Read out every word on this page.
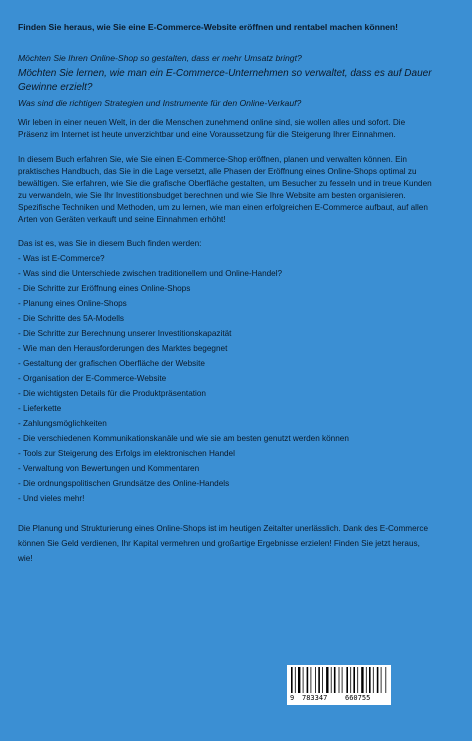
Finden Sie heraus, wie Sie eine E-Commerce-Website eröffnen und rentabel machen können!

Möchten Sie Ihren Online-Shop so gestalten, dass er mehr Umsatz bringt?

Möchten Sie lernen, wie man ein E-Commerce-Unternehmen so verwaltet, dass es auf Dauer Gewinne erzielt?

Was sind die richtigen Strategien und Instrumente für den Online-Verkauf?

Wir leben in einer neuen Welt, in der die Menschen zunehmend online sind, sie wollen alles und sofort. Die Präsenz im Internet ist heute unverzichtbar und eine Voraussetzung für die Steigerung Ihrer Einnahmen.

In diesem Buch erfahren Sie, wie Sie einen E-Commerce-Shop eröffnen, planen und verwalten können. Ein praktisches Handbuch, das Sie in die Lage versetzt, alle Phasen der Eröffnung eines Online-Shops optimal zu bewältigen. Sie erfahren, wie Sie die grafische Oberfläche gestalten, um Besucher zu fesseln und in treue Kunden zu verwandeln, wie Sie Ihr Investitionsbudget berechnen und wie Sie Ihre Website am besten organisieren. Spezifische Techniken und Methoden, um zu lernen, wie man einen erfolgreichen E-Commerce aufbaut, auf allen Arten von Geräten verkauft und seine Einnahmen erhöht!

Das ist es, was Sie in diesem Buch finden werden:

- Was ist E-Commerce?
- Was sind die Unterschiede zwischen traditionellem und Online-Handel?
- Die Schritte zur Eröffnung eines Online-Shops
- Planung eines Online-Shops
- Die Schritte des 5A-Modells
- Die Schritte zur Berechnung unserer Investitionskapazität
- Wie man den Herausforderungen des Marktes begegnet
- Gestaltung der grafischen Oberfläche der Website
- Organisation der E-Commerce-Website
- Die wichtigsten Details für die Produktpräsentation
- Lieferkette
- Zahlungsmöglichkeiten
- Die verschiedenen Kommunikationskanäle und wie sie am besten genutzt werden können
- Tools zur Steigerung des Erfolgs im elektronischen Handel
- Verwaltung von Bewertungen und Kommentaren
- Die ordnungspolitischen Grundsätze des Online-Handels
- Und vieles mehr!

Die Planung und Strukturierung eines Online-Shops ist im heutigen Zeitalter unerlässlich. Dank des E-Commerce können Sie Geld verdienen, Ihr Kapital vermehren und großartige Ergebnisse erzielen! Finden Sie jetzt heraus, wie!

9 783347	660755
